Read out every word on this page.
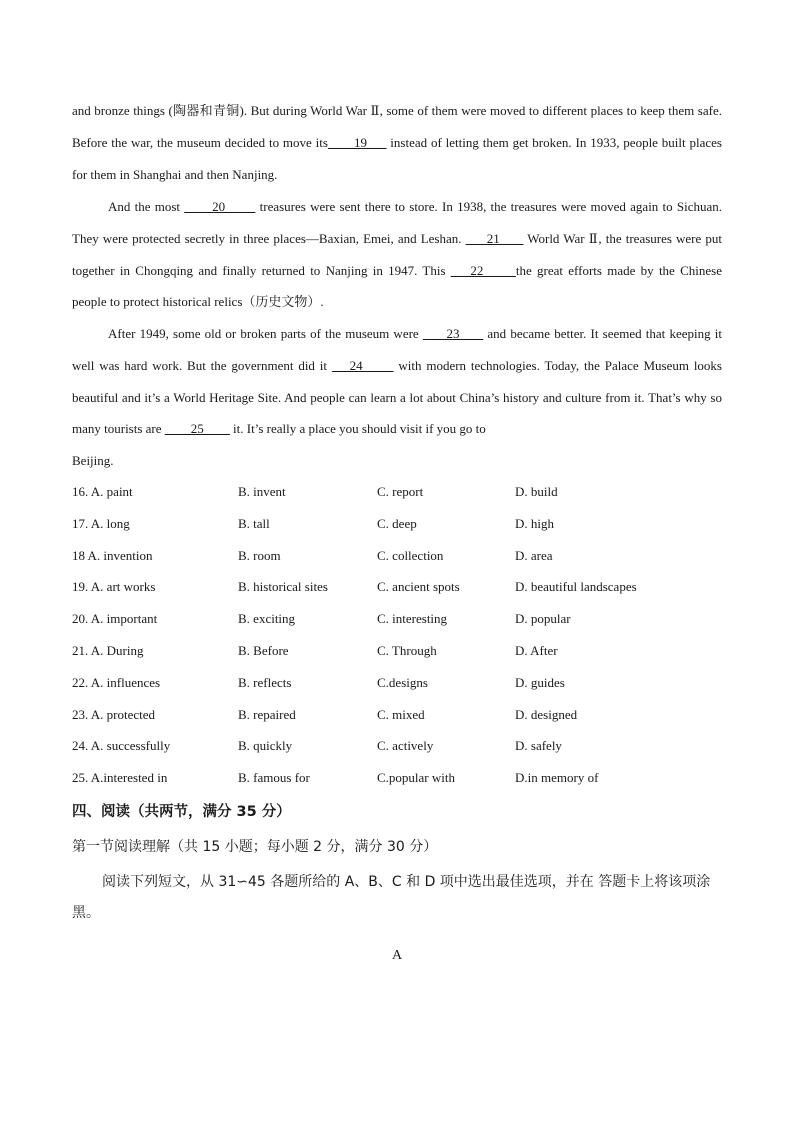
and bronze things (陶器和青铜). But during World War Ⅱ, some of them were moved to different places to keep them safe. Before the war, the museum decided to move its____19___ instead of letting them get broken. In 1933, people built places for them in Shanghai and then Nanjing.
And the most   ___20____  treasures were sent there to store. In 1938, the treasures were moved again to Sichuan. They were protected secretly in three places—Baxian, Emei, and Leshan.   __21___  World War Ⅱ, the treasures were put together in Chongqing and finally returned to Nanjing in 1947. This ___22_____the great efforts made by the Chinese people to protect historical relics（历史文物）.
After 1949, some old or broken parts of the museum were  ___23___  and became better. It seemed that keeping it well was hard work. But the government did it  __24____  with modern technologies. Today, the Palace Museum looks beautiful and it’s a World Heritage Site. And people can learn a lot about China’s history and culture from it. That’s why so many tourists are ____25____ it. It’s really a place you should visit if you go to
Beijing.
16. A. paint	B. invent	C. report	D. build
17. A. long	B. tall	C. deep	D. high
18 A. invention	B. room	C. collection	D. area
19. A. art works	B. historical sites	C. ancient spots	D. beautiful landscapes
20. A. important	B. exciting	C. interesting	D. popular
21. A. During	B. Before	C. Through	D. After
22. A. influences	B. reflects	C.designs	D. guides
23. A. protected	B. repaired	C. mixed	D. designed
24. A. successfully	B. quickly	C. actively	D. safely
25. A.interested in	B. famous for	C.popular with	D.in memory of
四、阅读（共两节，满分 35 分）
第一节阅读理解（共 15 小题；每小题 2 分，满分 30 分）
阅读下列短文，从 31∽45 各题所给的 A、B、C 和 D 项中选出最佳选项，并在 答题卡上将该项涂黑。
A
